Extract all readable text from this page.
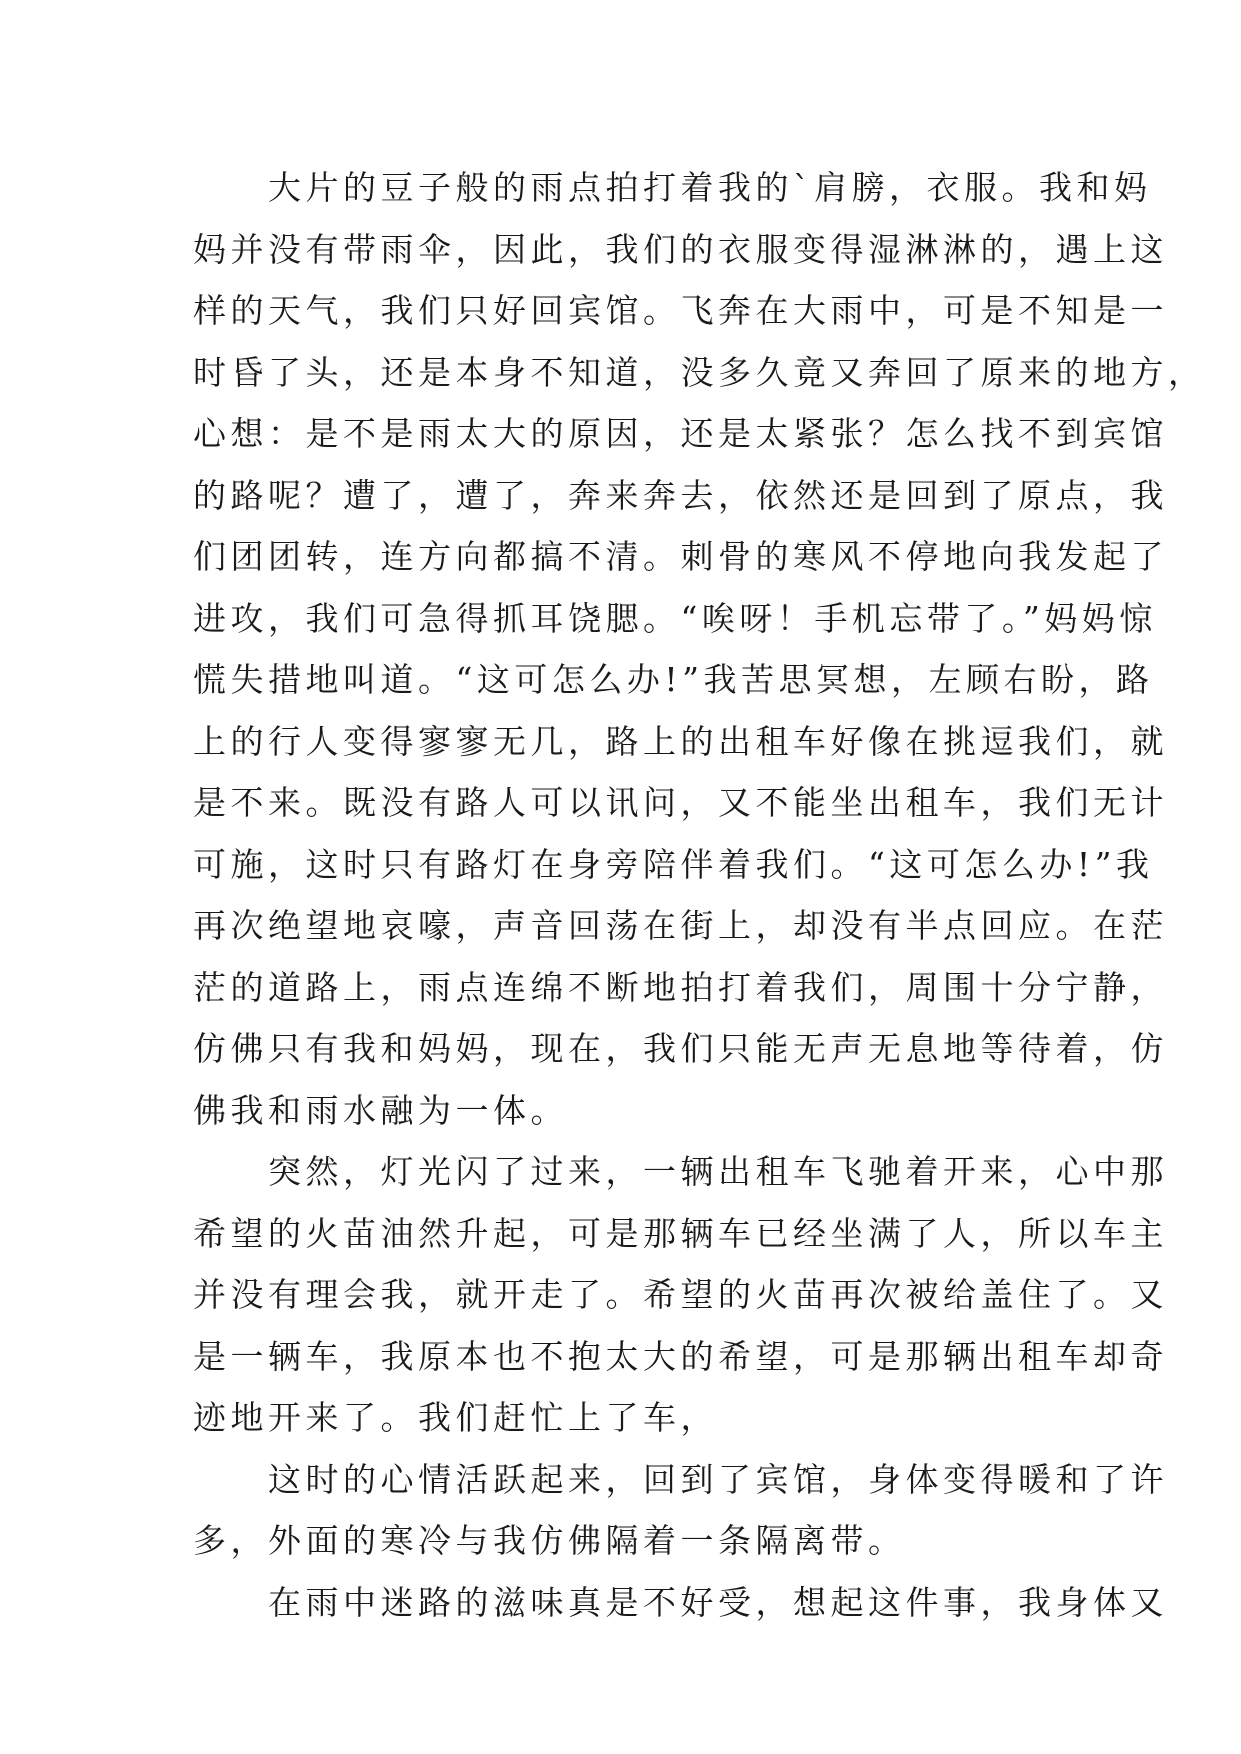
　　大片的豆子般的雨点拍打着我的`肩膀，衣服。我和妈
妈并没有带雨伞，因此，我们的衣服变得湿淋淋的，遇上这
样的天气，我们只好回宾馆。飞奔在大雨中，可是不知是一
时昏了头，还是本身不知道，没多久竟又奔回了原来的地方，
心想：是不是雨太大的原因，还是太紧张？怎么找不到宾馆
的路呢？遭了，遭了，奔来奔去，依然还是回到了原点，我
们团团转，连方向都搞不清。刺骨的寒风不停地向我发起了
进攻，我们可急得抓耳饶腮。“唉呀！手机忘带了。”妈妈惊
慌失措地叫道。“这可怎么办!”我苦思冥想，左顾右盼，路
上的行人变得寥寥无几，路上的出租车好像在挑逗我们，就
是不来。既没有路人可以讯问，又不能坐出租车，我们无计
可施，这时只有路灯在身旁陪伴着我们。“这可怎么办!”我
再次绝望地哀嚎，声音回荡在街上，却没有半点回应。在茫
茫的道路上，雨点连绵不断地拍打着我们，周围十分宁静，
仿佛只有我和妈妈，现在，我们只能无声无息地等待着，仿
佛我和雨水融为一体。
　　突然，灯光闪了过来，一辆出租车飞驰着开来，心中那
希望的火苗油然升起，可是那辆车已经坐满了人，所以车主
并没有理会我，就开走了。希望的火苗再次被给盖住了。又
是一辆车，我原本也不抱太大的希望，可是那辆出租车却奇
迹地开来了。我们赶忙上了车，
　　这时的心情活跃起来，回到了宾馆，身体变得暖和了许
多，外面的寒冷与我仿佛隔着一条隔离带。
　　在雨中迷路的滋味真是不好受，想起这件事，我身体又
